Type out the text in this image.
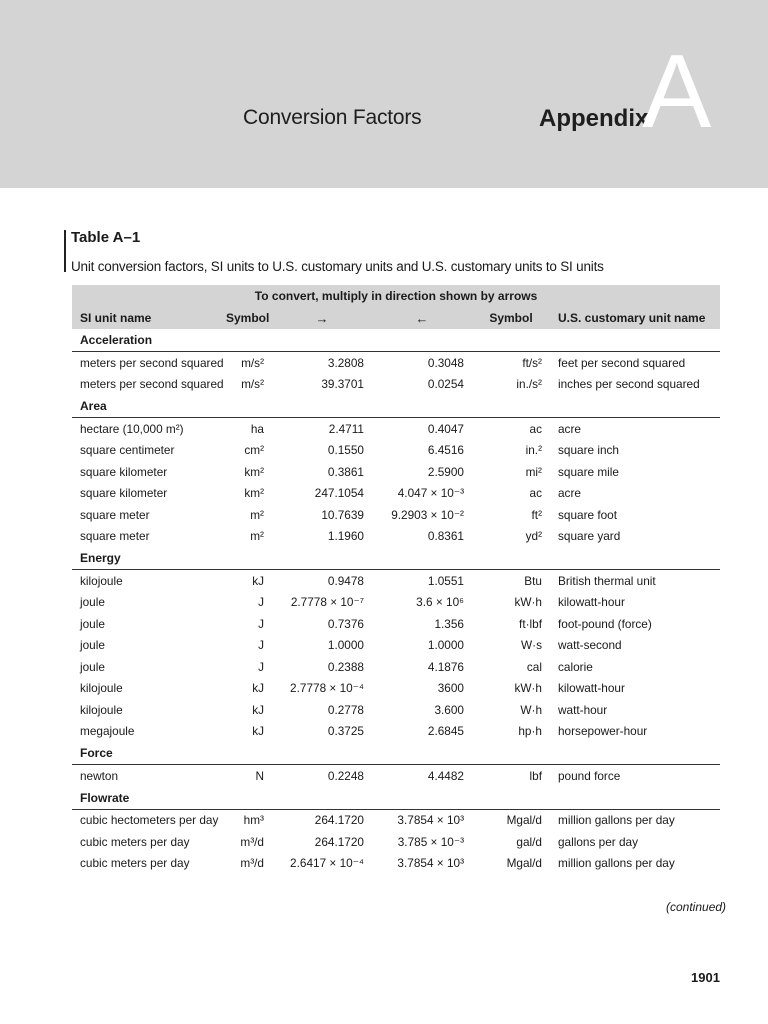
Conversion Factors	Appendix
A
Table A–1
Unit conversion factors, SI units to U.S. customary units and U.S. customary units to SI units
To convert, multiply in direction shown by arrows					
SI unit name	Symbol	→	←	Symbol	U.S. customary unit name
Acceleration					
meters per second squared	m/s²	3.2808	0.3048	ft/s²	feet per second squared
meters per second squared	m/s²	39.3701	0.0254	in./s²	inches per second squared
Area					
hectare (10,000 m²)	ha	2.4711	0.4047	ac	acre
square centimeter	cm²	0.1550	6.4516	in.²	square inch
square kilometer	km²	0.3861	2.5900	mi²	square mile
square kilometer	km²	247.1054	4.047 × 10⁻³	ac	acre
square meter	m²	10.7639	9.2903 × 10⁻²	ft²	square foot
square meter	m²	1.1960	0.8361	yd²	square yard
Energy					
kilojoule	kJ	0.9478	1.0551	Btu	British thermal unit
joule	J	2.7778 × 10⁻⁷	3.6 × 10⁶	kW·h	kilowatt-hour
joule	J	0.7376	1.356	ft·lbf	foot-pound (force)
joule	J	1.0000	1.0000	W·s	watt-second
joule	J	0.2388	4.1876	cal	calorie
kilojoule	kJ	2.7778 × 10⁻⁴	3600	kW·h	kilowatt-hour
kilojoule	kJ	0.2778	3.600	W·h	watt-hour
megajoule	kJ	0.3725	2.6845	hp·h	horsepower-hour
Force					
newton	N	0.2248	4.4482	lbf	pound force
Flowrate					
cubic hectometers per day	hm³	264.1720	3.7854 × 10³	Mgal/d	million gallons per day
cubic meters per day	m³/d	264.1720	3.785 × 10⁻³	gal/d	gallons per day
cubic meters per day	m³/d	2.6417 × 10⁻⁴	3.7854 × 10³	Mgal/d	million gallons per day
(continued)
1901
